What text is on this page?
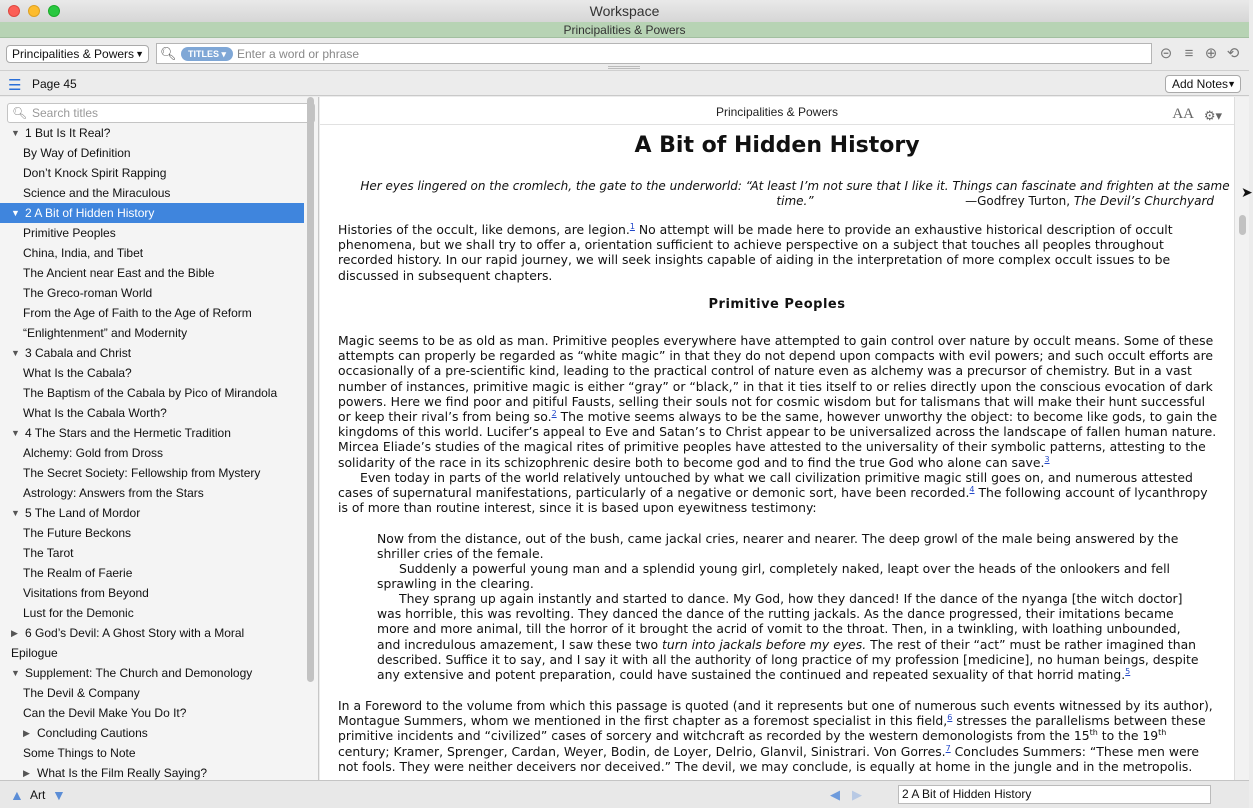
Workspace
Principalities & Powers
Principalities & Powers ▼ 🔍︎	TITLES ▾
Enter a word or phrase	⊝ ≡ ⊕ ⟲
☰ Page 45	Add Notes ▼
🔍︎
Search titles
▼ 1 But Is It Real?
By Way of Definition
Don’t Knock Spirit Rapping
Science and the Miraculous
▼ 2 A Bit of Hidden History
Primitive Peoples
China, India, and Tibet
The Ancient near East and the Bible
The Greco-roman World
From the Age of Faith to the Age of Reform
“Enlightenment” and Modernity
▼ 3 Cabala and Christ
What Is the Cabala?
The Baptism of the Cabala by Pico of Mirandola
What Is the Cabala Worth?
▼ 4 The Stars and the Hermetic Tradition
Alchemy: Gold from Dross
The Secret Society: Fellowship from Mystery
Astrology: Answers from the Stars
▼ 5 The Land of Mordor
The Future Beckons
The Tarot
The Realm of Faerie
Visitations from Beyond
Lust for the Demonic
▶ 6 God’s Devil: A Ghost Story with a Moral
Epilogue
▼ Supplement: The Church and Demonology
The Devil & Company
Can the Devil Make You Do It?
▶ Concluding Cautions
Some Things to Note
▶ What Is the Film Really Saying?
Principalities & Powers	AA ⚙▾
A Bit of Hidden History
Her eyes lingered on the cromlech, the gate to the underworld: “At least I’m not sure that I like it. Things can fascinate and frighten at the same time.”	—Godfrey Turton, The Devil’s Churchyard
Histories of the occult, like demons, are legion.$^1$ No attempt will be made here to provide an exhaustive historical description of occult phenomena, but we shall try to offer a, orientation sufficient to achieve perspective on a subject that touches all peoples throughout recorded history. In our rapid journey, we will seek insights capable of aiding in the interpretation of more complex occult issues to be discussed in subsequent chapters.
Primitive Peoples
Magic seems to be as old as man. Primitive peoples everywhere have attempted to gain control over nature by occult means. Some of these attempts can properly be regarded as “white magic” in that they do not depend upon compacts with evil powers; and such occult efforts are occasionally of a pre-scientific kind, leading to the practical control of nature even as alchemy was a precursor of chemistry. But in a vast number of instances, primitive magic is either “gray” or “black,” in that it ties itself to or relies directly upon the conscious evocation of dark powers. Here we find poor and pitiful Fausts, selling their souls not for cosmic wisdom but for talismans that will make their hunt successful or keep their rival’s from being so.$^2$ The motive seems always to be the same, however unworthy the object: to become like gods, to gain the kingdoms of this world. Lucifer’s appeal to Eve and Satan’s to Christ appear to be universalized across the landscape of fallen human nature. Mircea Eliade’s studies of the magical rites of primitive peoples have attested to the universality of their symbolic patterns, attesting to the solidarity of the race in its schizophrenic desire both to become god and to find the true God who alone can save.$^3$
Even today in parts of the world relatively untouched by what we call civilization primitive magic still goes on, and numerous attested cases of supernatural manifestations, particularly of a negative or demonic sort, have been recorded.$^4$ The following account of lycanthropy is of more than routine interest, since it is based upon eyewitness testimony:
Now from the distance, out of the bush, came jackal cries, nearer and nearer. The deep growl of the male being answered by the shriller cries of the female.
Suddenly a powerful young man and a splendid young girl, completely naked, leapt over the heads of the onlookers and fell sprawling in the clearing.
They sprang up again instantly and started to dance. My God, how they danced! If the dance of the nyanga [the witch doctor] was horrible, this was revolting. They danced the dance of the rutting jackals. As the dance progressed, their imitations became more and more animal, till the horror of it brought the acrid of vomit to the throat. Then, in a twinkling, with loathing unbounded, and incredulous amazement, I saw these two turn into jackals before my eyes. The rest of their “act” must be rather imagined than described. Suffice it to say, and I say it with all the authority of long practice of my profession [medicine], no human beings, despite any extensive and potent preparation, could have sustained the continued and repeated sexuality of that horrid mating.$^5$
In a Foreword to the volume from which this passage is quoted (and it represents but one of numerous such events witnessed by its author), Montague Summers, whom we mentioned in the first chapter as a foremost specialist in this field,$^6$ stresses the parallelisms between these primitive incidents and “civilized” cases of sorcery and witchcraft as recorded by the western demonologists from the 15th to the 19th century; Kramer, Sprenger, Cardan, Weyer, Bodin, de Loyer, Delrio, Glanvil, Sinistrari. Von Gorres.$^7$ Concludes Summers: “These men were not fools. They were neither deceivers nor deceived.” The devil, we may conclude, is equally at home in the jungle and in the metropolis.
➤
▲ Art ▼	◀ ▶	2 A Bit of Hidden History
